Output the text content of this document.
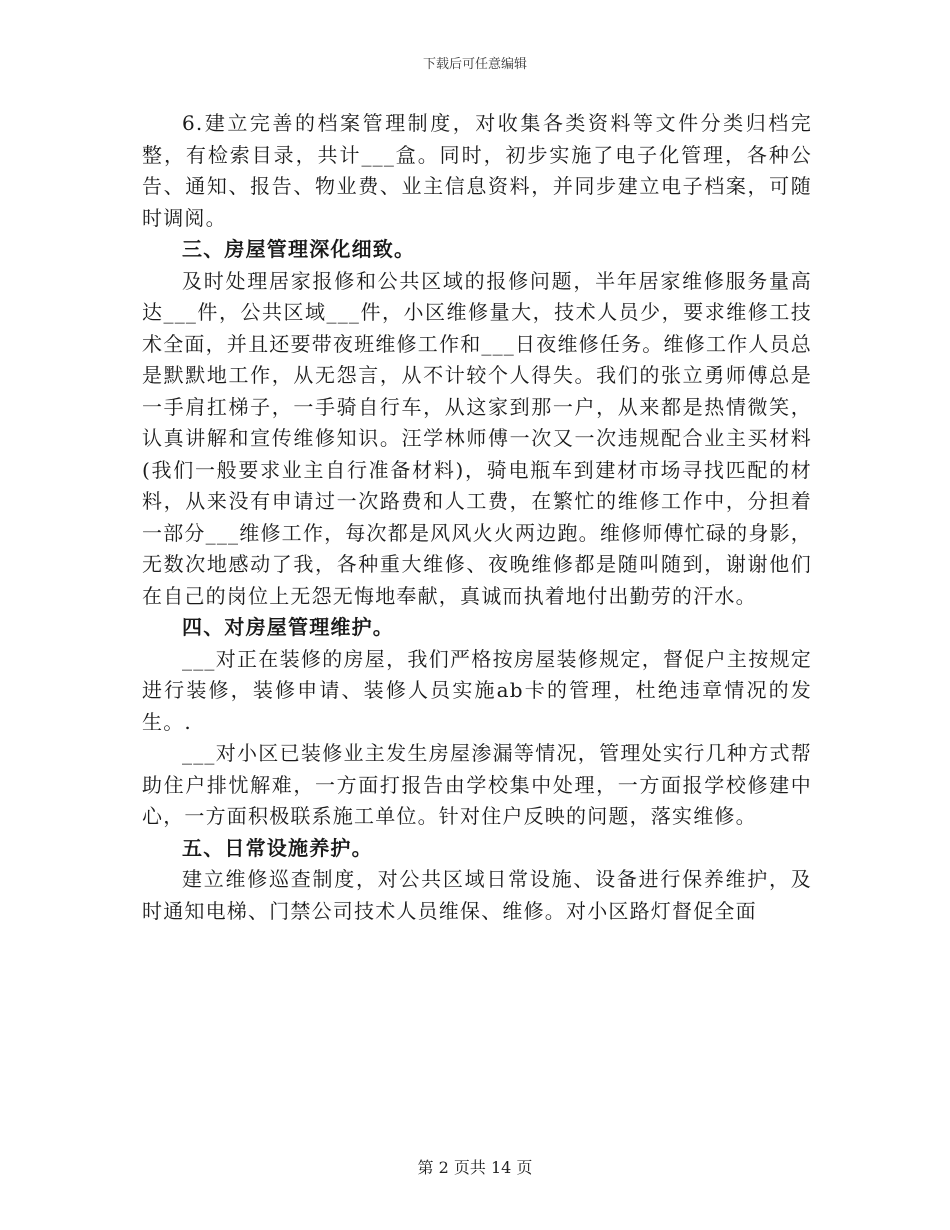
下载后可任意编辑

6.建立完善的档案管理制度，对收集各类资料等文件分类归档完整，有检索目录，共计___盒。同时，初步实施了电子化管理，各种公告、通知、报告、物业费、业主信息资料，并同步建立电子档案，可随时调阅。

三、房屋管理深化细致。

及时处理居家报修和公共区域的报修问题，半年居家维修服务量高达___件，公共区域___件，小区维修量大，技术人员少，要求维修工技术全面，并且还要带夜班维修工作和___日夜维修任务。维修工作人员总是默默地工作，从无怨言，从不计较个人得失。我们的张立勇师傅总是一手肩扛梯子，一手骑自行车，从这家到那一户，从来都是热情微笑，认真讲解和宣传维修知识。汪学林师傅一次又一次违规配合业主买材料(我们一般要求业主自行准备材料)，骑电瓶车到建材市场寻找匹配的材料，从来没有申请过一次路费和人工费，在繁忙的维修工作中，分担着一部分___维修工作，每次都是风风火火两边跑。维修师傅忙碌的身影，无数次地感动了我，各种重大维修、夜晚维修都是随叫随到，谢谢他们在自己的岗位上无怨无悔地奉献，真诚而执着地付出勤劳的汗水。

四、对房屋管理维护。

___对正在装修的房屋，我们严格按房屋装修规定，督促户主按规定进行装修，装修申请、装修人员实施ab卡的管理，杜绝违章情况的发生。.

___对小区已装修业主发生房屋渗漏等情况，管理处实行几种方式帮助住户排忧解难，一方面打报告由学校集中处理，一方面报学校修建中心，一方面积极联系施工单位。针对住户反映的问题，落实维修。

五、日常设施养护。

建立维修巡查制度，对公共区域日常设施、设备进行保养维护，及时通知电梯、门禁公司技术人员维保、维修。对小区路灯督促全面

第 2 页共 14 页
